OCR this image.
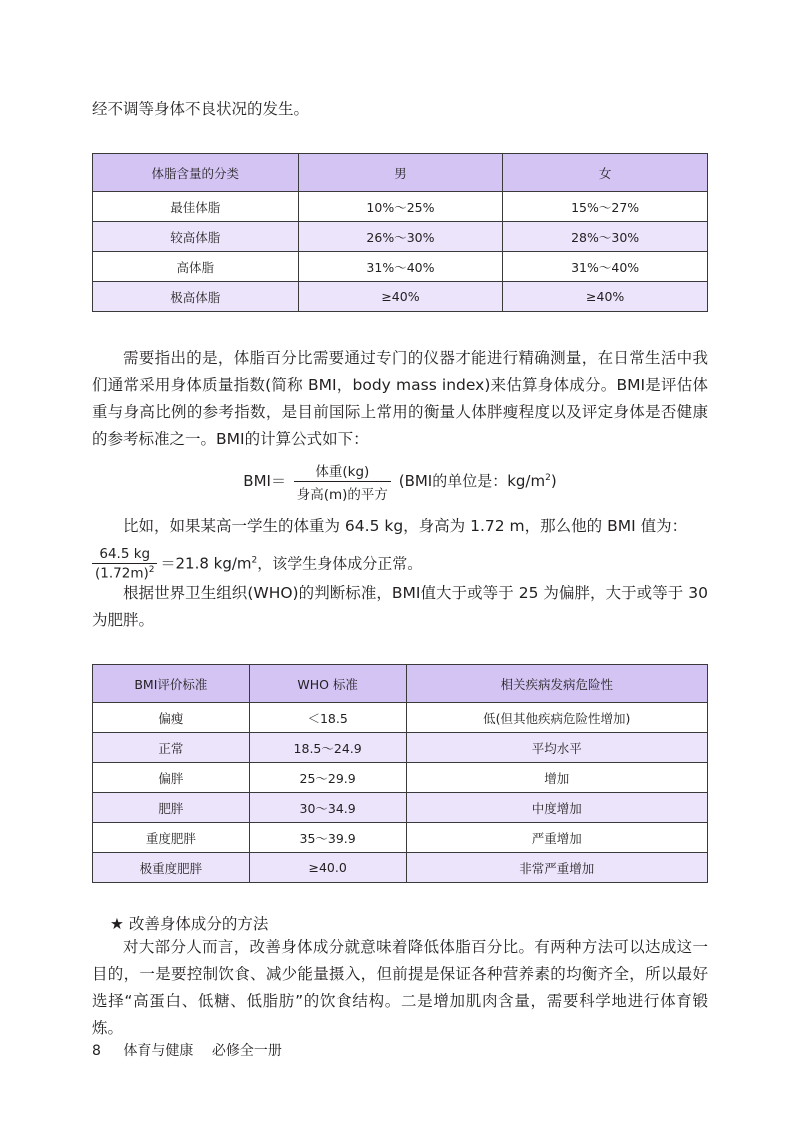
经不调等身体不良状况的发生。

体脂含量的分类	男	女
最佳体脂	10%～25%	15%～27%
较高体脂	26%～30%	28%～30%
高体脂	31%～40%	31%～40%
极高体脂	≥40%	≥40%

需要指出的是，体脂百分比需要通过专门的仪器才能进行精确测量，在日常生活中我们通常采用身体质量指数(简称 BMI，body mass index)来估算身体成分。BMI是评估体重与身高比例的参考指数，是目前国际上常用的衡量人体胖瘦程度以及评定身体是否健康的参考标准之一。BMI的计算公式如下：

$BMI= \frac{\text{体重(kg)}}{\text{身高(m)的平方}} (BMI$的单位是：$kg/m^2$)

比如，如果某高一学生的体重为 64.5 kg，身高为 1.72 m，那么他的 BMI 值为：

$\frac{64.5 kg}{(1.72m)^2} =21.8$ $kg/m^2$，该学生身体成分正常。

根据世界卫生组织(WHO)的判断标准，BMI值大于或等于 25 为偏胖，大于或等于 30 为肥胖。

BMI评价标准	WHO 标准	相关疾病发病危险性
偏瘦	＜18.5	低(但其他疾病危险性增加)
正常	18.5～24.9	平均水平
偏胖	25～29.9	增加
肥胖	30～34.9	中度增加
重度肥胖	35～39.9	严重增加
极重度肥胖	≥40.0	非常严重增加
★ 改善身体成分的方法

对大部分人而言，改善身体成分就意味着降低体脂百分比。有两种方法可以达成这一目的，一是要控制饮食、减少能量摄入，但前提是保证各种营养素的均衡齐全，所以最好选择“高蛋白、低糖、低脂肪”的饮食结构。二是增加肌肉含量，需要科学地进行体育锻炼。

8 体育与健康 必修全一册
